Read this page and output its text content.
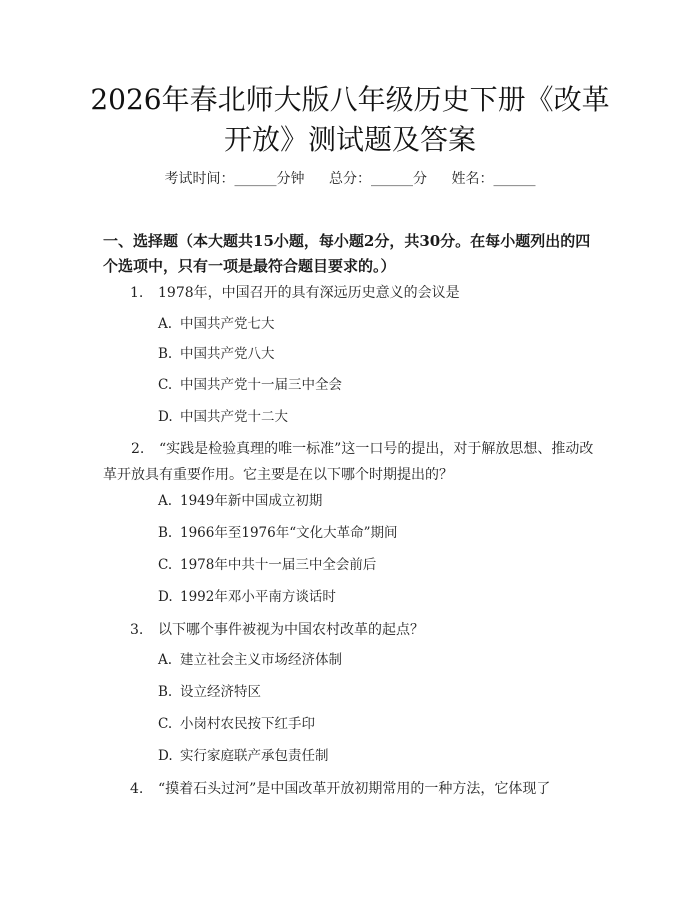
2026年春北师大版八年级历史下册《改革开放》测试题及答案
考试时间：______分钟 总分：______分 姓名：______

一、选择题（本大题共15小题，每小题2分，共30分。在每小题列出的四个选项中，只有一项是最符合题目要求的。）

1. 1978年，中国召开的具有深远历史意义的会议是
A. 中国共产党七大
B. 中国共产党八大
C. 中国共产党十一届三中全会
D. 中国共产党十二大
2. “实践是检验真理的唯一标准”这一口号的提出，对于解放思想、推动改革开放具有重要作用。它主要是在以下哪个时期提出的？
A. 1949年新中国成立初期
B. 1966年至1976年“文化大革命”期间
C. 1978年中共十一届三中全会前后
D. 1992年邓小平南方谈话时
3. 以下哪个事件被视为中国农村改革的起点？
A. 建立社会主义市场经济体制
B. 设立经济特区
C. 小岗村农民按下红手印
D. 实行家庭联产承包责任制
4. “摸着石头过河”是中国改革开放初期常用的一种方法，它体现了
